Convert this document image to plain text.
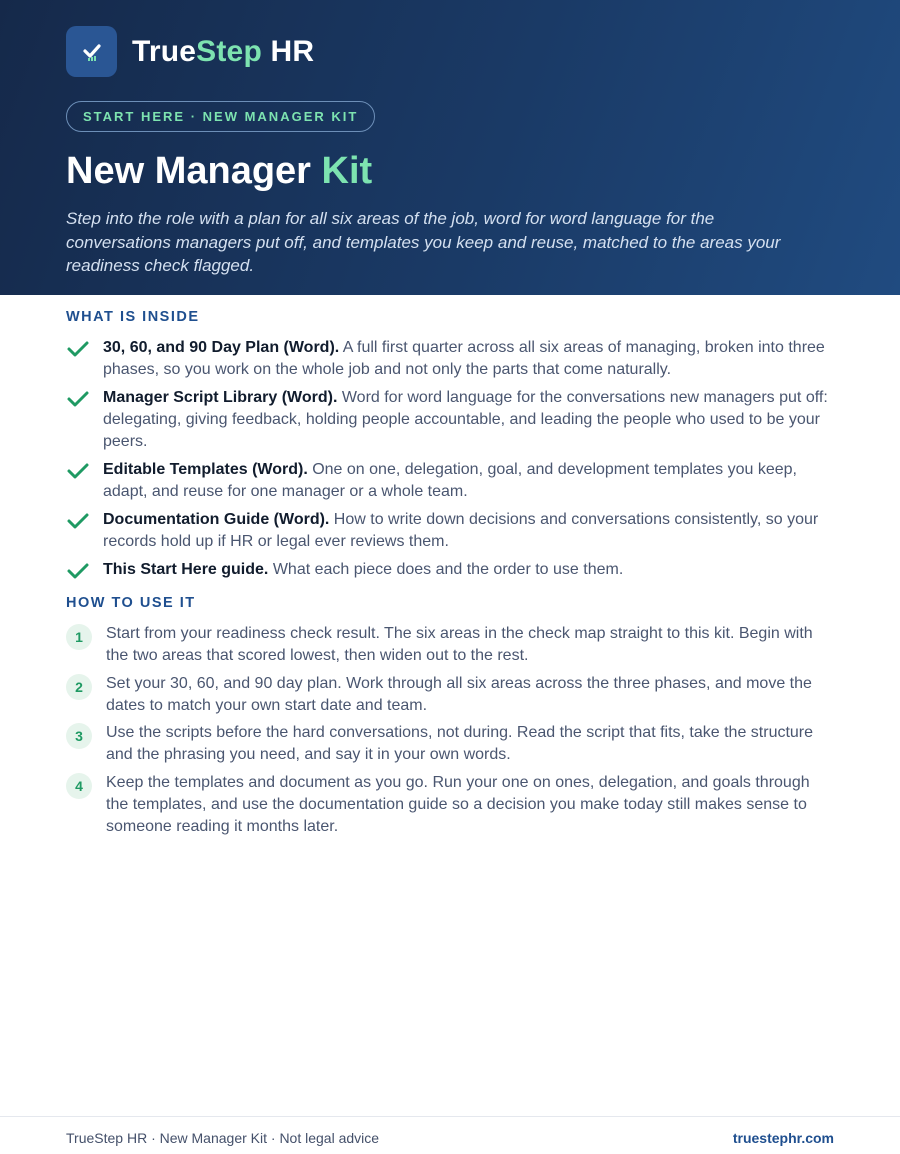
TrueStep HR
START HERE · NEW MANAGER KIT
New Manager Kit
Step into the role with a plan for all six areas of the job, word for word language for the conversations managers put off, and templates you keep and reuse, matched to the areas your readiness check flagged.
WHAT IS INSIDE
30, 60, and 90 Day Plan (Word). A full first quarter across all six areas of managing, broken into three phases, so you work on the whole job and not only the parts that come naturally.
Manager Script Library (Word). Word for word language for the conversations new managers put off: delegating, giving feedback, holding people accountable, and leading the people who used to be your peers.
Editable Templates (Word). One on one, delegation, goal, and development templates you keep, adapt, and reuse for one manager or a whole team.
Documentation Guide (Word). How to write down decisions and conversations consistently, so your records hold up if HR or legal ever reviews them.
This Start Here guide. What each piece does and the order to use them.
HOW TO USE IT
1	Start from your readiness check result. The six areas in the check map straight to this kit. Begin with the two areas that scored lowest, then widen out to the rest.
2	Set your 30, 60, and 90 day plan. Work through all six areas across the three phases, and move the dates to match your own start date and team.
3	Use the scripts before the hard conversations, not during. Read the script that fits, take the structure and the phrasing you need, and say it in your own words.
4	Keep the templates and document as you go. Run your one on ones, delegation, and goals through the templates, and use the documentation guide so a decision you make today still makes sense to someone reading it months later.
TrueStep HR · New Manager Kit · Not legal advice	truestephr.com
